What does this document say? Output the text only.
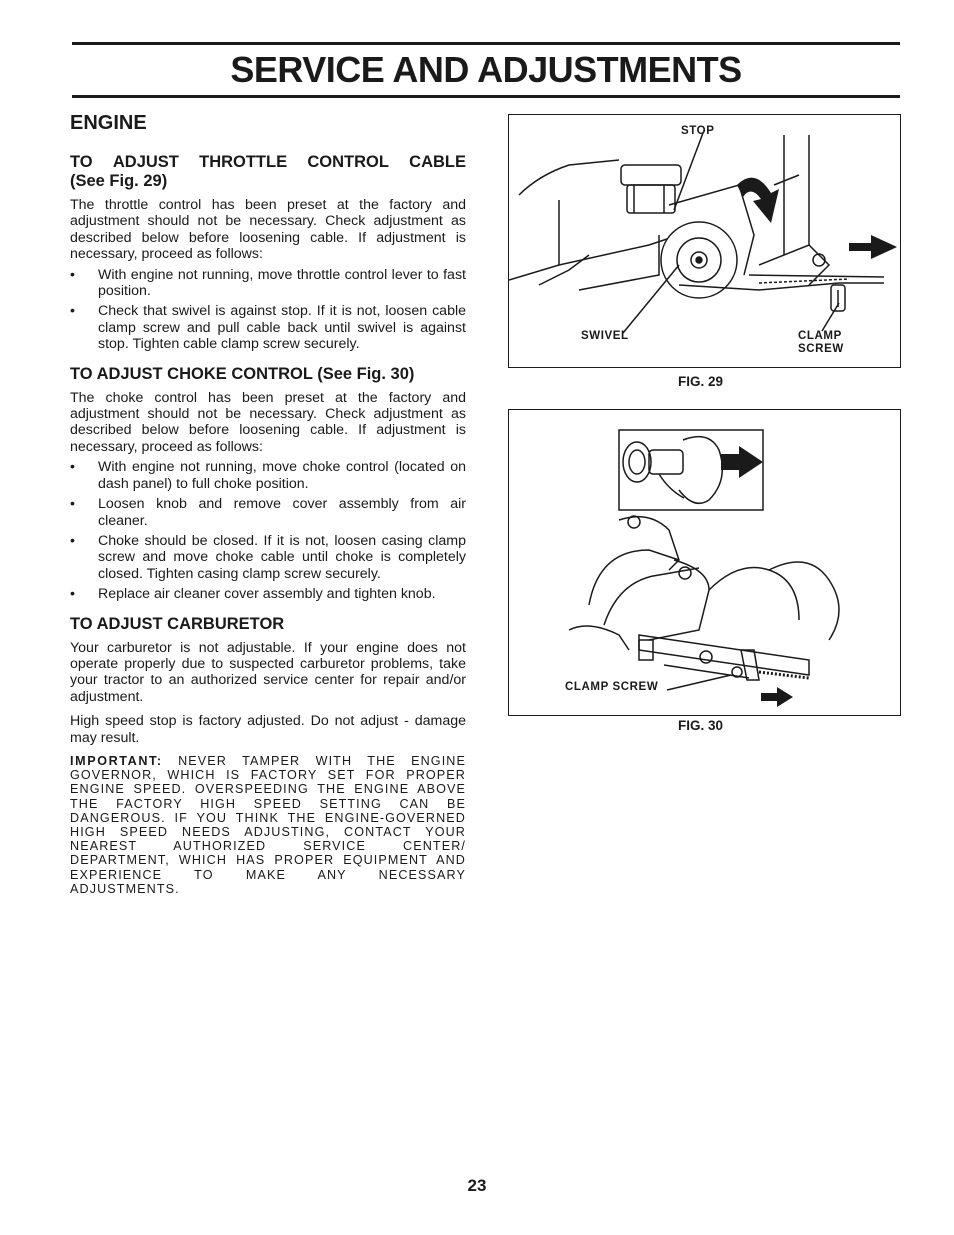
SERVICE AND ADJUSTMENTS
ENGINE
TO ADJUST THROTTLE CONTROL CABLE
(See Fig. 29)

The throttle control has been preset at the factory and adjustment should not be necessary. Check adjustment as described below before loosening cable. If adjustment is necessary, proceed as follows:

• With engine not running, move throttle control lever to fast position.
• Check that swivel is against stop. If it is not, loosen cable clamp screw and pull cable back until swivel is against stop. Tighten cable clamp screw securely.
TO ADJUST CHOKE CONTROL (See Fig. 30)

The choke control has been preset at the factory and adjustment should not be necessary. Check adjustment as described below before loosening cable. If adjustment is necessary, proceed as follows:

• With engine not running, move choke control (located on dash panel) to full choke position.
• Loosen knob and remove cover assembly from air cleaner.
• Choke should be closed. If it is not, loosen casing clamp screw and move choke cable until choke is completely closed. Tighten casing clamp screw securely.
• Replace air cleaner cover assembly and tighten knob.
TO ADJUST CARBURETOR

Your carburetor is not adjustable. If your engine does not operate properly due to suspected carburetor problems, take your tractor to an authorized service center for repair and/or adjustment.

High speed stop is factory adjusted. Do not adjust - damage may result.

IMPORTANT: NEVER TAMPER WITH THE ENGINE GOVERNOR, WHICH IS FACTORY SET FOR PROPER ENGINE SPEED. OVERSPEEDING THE ENGINE ABOVE THE FACTORY HIGH SPEED SETTING CAN BE DANGEROUS. IF YOU THINK THE ENGINE-GOVERNED HIGH SPEED NEEDS ADJUSTING, CONTACT YOUR NEAREST AUTHORIZED SERVICE CENTER/ DEPARTMENT, WHICH HAS PROPER EQUIPMENT AND EXPERIENCE TO MAKE ANY NECESSARY ADJUSTMENTS.

STOP
SWIVEL	CLAMP
SCREW
FIG. 29
CLAMP SCREW
FIG. 30
23
